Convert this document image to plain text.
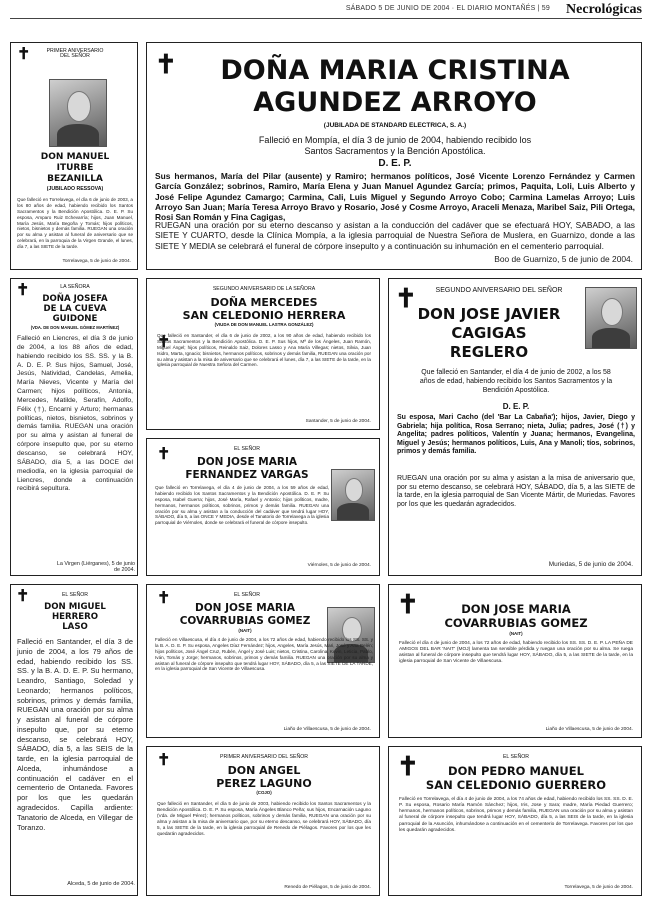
SÁBADO 5 DE JUNIO DE 2004 · EL DIARIO MONTAÑÉS | 59 Necrológicas
✝	PRIMER ANIVERSARIO DEL SEÑOR
DON MANUEL
ITURBE
BEZANILLA
(JUBILADO RESSOVA)
Que falleció en Torrelavega, el día 6 de junio de 2003, a los 80 años de edad, habiendo recibido los Santos Sacramentos y la Bendición Apostólica. D. E. P. Su esposa, Amparo Ruiz Echevarría; hijos, Juan Manuel, María Jesús, María Begoña y Tomás; hijos políticos, nietos, bisnietos y demás familia. RUEGAN una oración por su alma y asistan al funeral de aniversario que se celebrará, en la parroquia de la Virgen Grande, el lunes, día 7, a las SIETE de la tarde.
Torrelavega, 5 de junio de 2004.
✝	DOÑA MARIA CRISTINA
AGUNDEZ ARROYO
(JUBILADA DE STANDARD ELECTRICA, S. A.)
Falleció en Mompía, el día 3 de junio de 2004, habiendo recibido los Santos Sacramentos y la Bención Apostólica.
D. E. P.
Sus hermanos, María del Pilar (ausente) y Ramiro; hermanos políticos, José Vicente Lorenzo Fernández y Carmen García González; sobrinos, Ramiro, María Elena y Juan Manuel Agundez García; primos, Paquita, Loli, Luis Alberto y José Felipe Agundez Camargo; Carmina, Cali, Luis Miguel y Segundo Arroyo Cobo; Carmina Lamelas Arroyo; Luis Arroyo San Juan; María Teresa Arroyo Bravo y Rosario, José y Cosme Arroyo, Araceli Menaza, Maribel Saiz, Pili Ortega, Rosi San Román y Fina Cagigas,
RUEGAN una oración por su eterno descanso y asistan a la conducción del cadáver que se efectuará HOY, SABADO, a las SIETE Y CUARTO, desde la Clínica Mompía, a la iglesia parroquial de Nuestra Señora de Muslera, en Guarnizo, donde a las SIETE Y MEDIA se celebrará el funeral de córpore insepulto y a continuación su inhumación en el cementerio parroquial.
Boo de Guarnizo, 5 de junio de 2004.
✝	LA SEÑORA
DOÑA JOSEFA
DE LA CUEVA
GUIDONE
(VDA. DE DON MANUEL GÓMEZ MARTÍNEZ)
Falleció en Liencres, el día 3 de junio de 2004, a los 88 años de edad, habiendo recibido los SS. SS. y la B. A. D. E. P. Sus hijos, Samuel, José, Jesús, Natividad, Candelas, Amelia, María Nieves, Vicente y María del Carmen; hijos políticos, Antonia, Mercedes, Matilde, Serafín, Adolfo, Félix (†), Encarni y Arturo; hermanas políticas, nietos, bisnietos, sobrinos y demás familia. RUEGAN una oración por su alma y asistan al funeral de córpore insepulto que, por su eterno descanso, se celebrará HOY, SÁBADO, día 5, a las DOCE del mediodía, en la iglesia parroquial de Liencres, donde a continuación recibirá sepultura.
La Virgen (Liérganes), 5 de junio de 2004.
✝
SEGUNDO ANIVERSARIO DE LA SEÑORA
DOÑA MERCEDES
SAN CELEDONIO HERRERA
(VIUDA DE DON MANUEL LASTRA GONZÁLEZ)
Que falleció en Santander, el día 6 de junio de 2002, a los 90 años de edad, habiendo recibido los Santos Sacramentos y la Bendición Apostólica. D. E. P. Sus hijos, Mª de los Ángeles, Juan Ramón, Miguel Ángel; hijos políticos, Reinaldo Saiz, Dolores Lasso y Ana María Villegas; nietos, Silvia, Juan Isidro, Marta, Ignacio; bisnietos, hermanos políticos, sobrinos y demás familia, RUEGAN una oración por su alma y asistan a la misa de aniversario que se celebrará el lunes, día 7, a las SIETE de la tarde, en la iglesia parroquial de Nuestra Señora del Carmen.
Santander, 5 de junio de 2004.
✝	SEGUNDO ANIVERSARIO DEL SEÑOR
DON JOSE JAVIER
CAGIGAS
REGLERO
Que falleció en Santander, el día 4 de junio de 2002, a los 58 años de edad, habiendo recibido los Santos Sacramentos y la Bendición Apostólica.
D. E. P.
Su esposa, Mari Cacho (del 'Bar La Cabaña'); hijos, Javier, Diego y Gabriela; hija política, Rosa Serrano; nieta, Julia; padres, José (†) y Angelita; padres políticos, Valentín y Juana; hermanos, Evangelina, Miguel y Jesús; hermanos políticos, Luis, Ana y Manoli; tíos, sobrinos, primos y demás familia.
RUEGAN una oración por su alma y asistan a la misa de aniversario que, por su eterno descanso, se celebrará HOY, SÁBADO, día 5, a las SIETE de la tarde, en la iglesia parroquial de San Vicente Mártir, de Muriedas. Favores por los que les quedarán agradecidos.
Muriedas, 5 de junio de 2004.
✝	EL SEÑOR
DON JOSE MARIA
FERNANDEZ VARGAS
Que falleció en Torrelavega, el día 4 de junio de 2004, a los 59 años de edad, habiendo recibido los Santos Sacramentos y la Bendición Apostólica. D. E. P. Su esposa, Isabel Guerra; hijos, José María, Rafael y Antonio; hijos políticos, madre, hermanos, hermanos políticos, sobrinos, primos y demás familia. RUEGAN una oración por su alma y asistan a la conducción del cadáver que tendrá lugar HOY, SÁBADO, día 5, a las ONCE Y MEDIA, desde el Tanatorio de Torrelavega a la iglesia parroquial de Viérnoles, donde se celebrará el funeral de córpore insepulto.
Viérnoles, 5 de junio de 2004.
✝	EL SEÑOR
DON MIGUEL
HERRERO
LASO
Falleció en Santander, el día 3 de junio de 2004, a los 79 años de edad, habiendo recibido los SS. SS. y la B. A. D. E. P. Su hermano, Leandro, Santiago, Soledad y Leonardo; hermanos políticos, sobrinos, primos y demás familia, RUEGAN una oración por su alma y asistan al funeral de córpore insepulto que, por su eterno descanso, se celebrará HOY, SÁBADO, día 5, a las SEIS de la tarde, en la iglesia parroquial de Alceda, inhumándose a continuación el cadáver en el cementerio de Ontaneda. Favores por los que les quedarán agradecidos. Capilla ardiente: Tanatorio de Alceda, en Villegar de Toranzo.
Alceda, 5 de junio de 2004.
✝	EL SEÑOR
DON JOSE MARIA
COVARRUBIAS GOMEZ
(NAIT)
Falleció en Villaescusa, el día 4 de junio de 2004, a los 72 años de edad, habiendo recibido los SS. SS. y la B. A. D. E. P. Su esposa, Angeles Díaz Fernández; hijos, Angeles, María Jesús, Mari, José y Ana Belén; hijos políticos, José Ángel Cruz, Rubén, Ángel y José Luis; nietos, Cristina, Carolina, Kevin, Leticia, Pablo, Iván, Tomás y Jorge; hermanos, sobrinos, primos y demás familia. RUEGAN una oración por su alma y asistan al funeral de córpore insepulto que tendrá lugar HOY, SÁBADO, día 5, a las SIETE DE LA TARDE, en la iglesia parroquial de San Vicente de Villaescusa.
Liaño de Villaescusa, 5 de junio de 2004.
✝	DON JOSE MARIA
COVARRUBIAS GOMEZ
(NAIT)
Falleció el día 4 de junio de 2004, a los 72 años de edad, habiendo recibido los SS. SS. D. E. P. LA PEÑA DE AMIGOS DEL BAR 'NAIT' (MOJ) lamenta tan sensible pérdida y ruegan una oración por su alma. Se ruega asistan al funeral de córpore insepulto que tendrá lugar HOY, SÁBADO, día 5, a las SIETE de la tarde, en la iglesia parroquial de San Vicente de Villaescusa.
Liaño de Villaescusa, 5 de junio de 2004.
✝	PRIMER ANIVERSARIO DEL SEÑOR
DON ANGEL
PEREZ LAGUNO
(COJO)
Que falleció en Santander, el día 5 de junio de 2003, habiendo recibido los Santos Sacramentos y la Bendición Apostólica. D. E. P. Su esposa, María Ángeles Blanco Peña; sus hijos, Encarnación Laguno (Vda. de Miguel Pérez); hermanos políticos, sobrinos y demás familia, RUEGAN una oración por su alma y asistan a la misa de aniversario que, por su eterno descanso, se celebrará HOY, SÁBADO, día 5, a las SIETE de la tarde, en la iglesia parroquial de Renedo de Piélagos. Favores por los que les quedarán agradecidos.
Renedo de Piélagos, 5 de junio de 2004.
✝	EL SEÑOR
DON PEDRO MANUEL
SAN CELEDONIO GUERRERO
Falleció en Torrelavega, el día 4 de junio de 2004, a los 74 años de edad, habiendo recibido los SS. SS. D. E. P. Su esposa, Rosario María Ramón Sánchez; hijos, Iris, Jose y Sara; madre, María Piedad Guerrero; hermanos, hermanos políticos, sobrinos, primos y demás familia, RUEGAN una oración por su alma y asistan al funeral de córpore insepulto que tendrá lugar HOY, SÁBADO, día 5, a las SEIS de la tarde, en la iglesia parroquial de la Asunción, inhumándose a continuación en el cementerio de Torrelavega. Favores por los que les quedarán agradecidos.
Torrelavega, 5 de junio de 2004.
